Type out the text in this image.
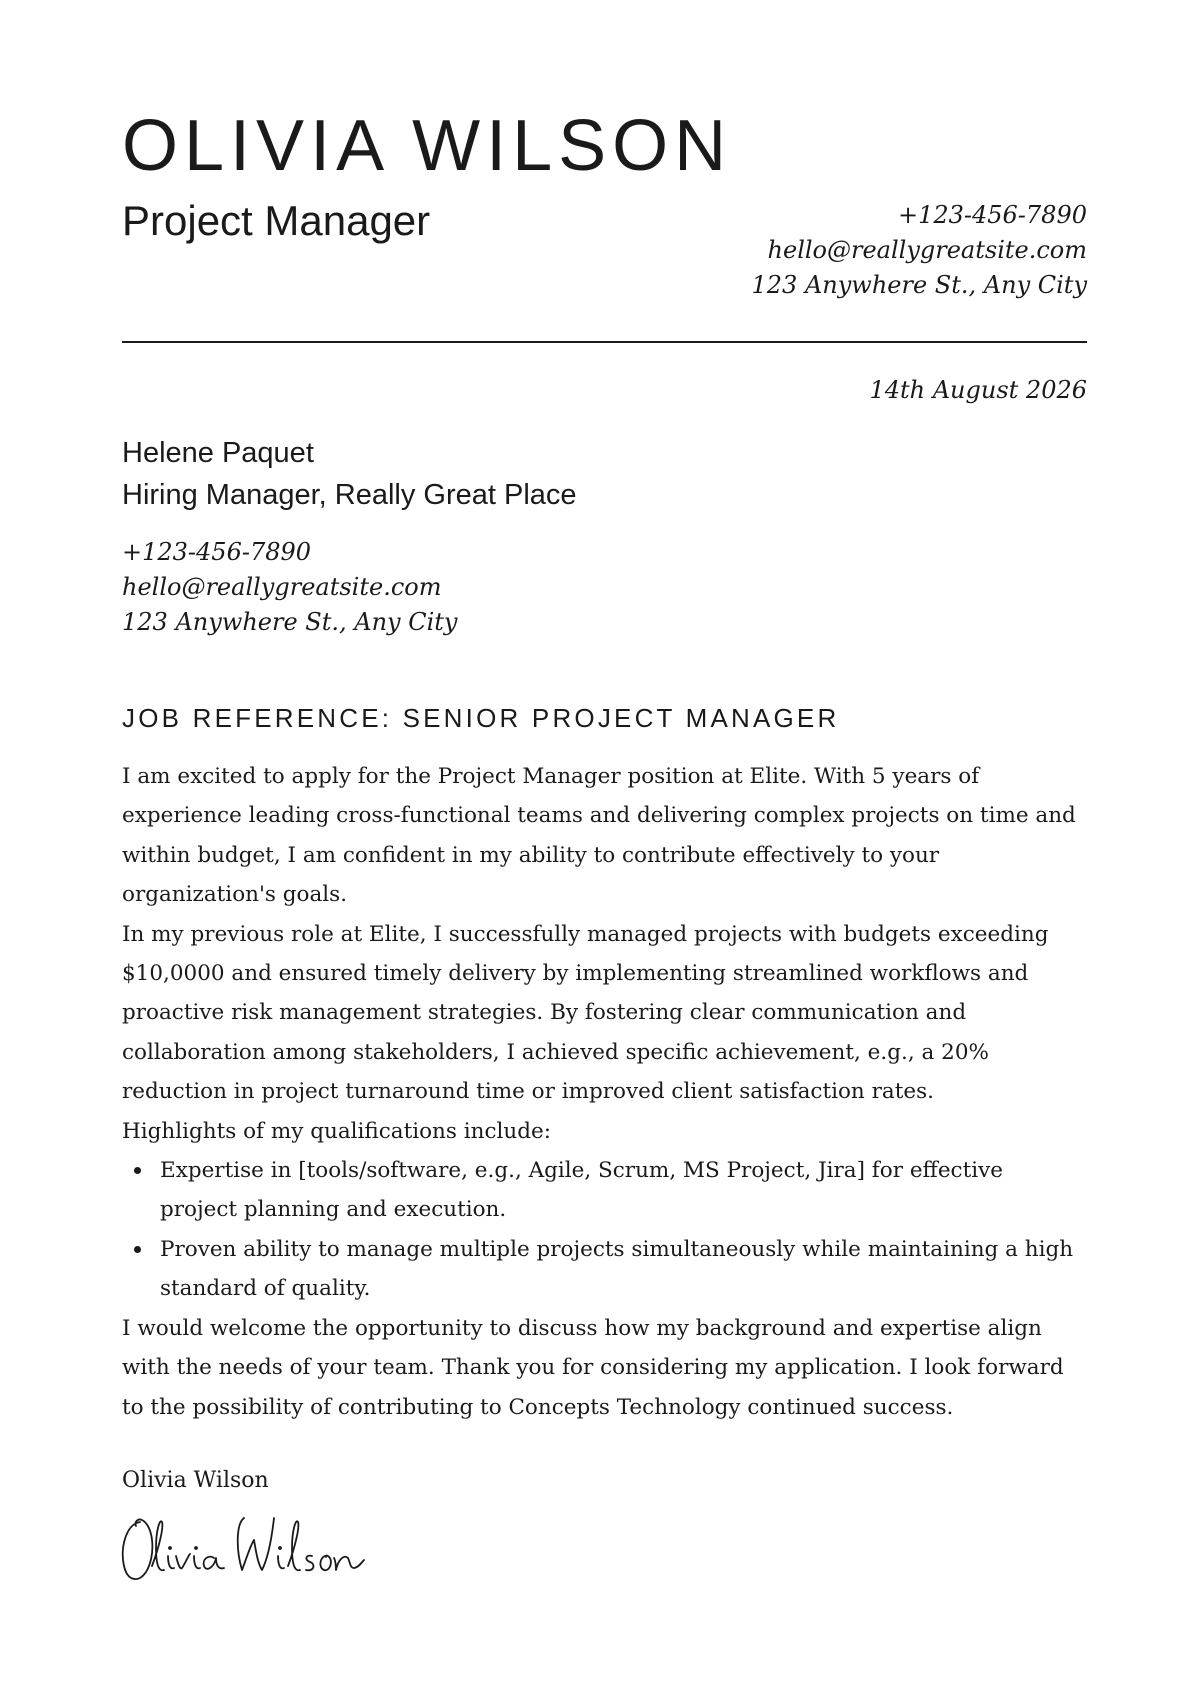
OLIVIA WILSON
Project Manager	+123-456-7890
hello@reallygreatsite.com
123 Anywhere St., Any City
14th August 2026
Helene Paquet
Hiring Manager, Really Great Place
+123-456-7890
hello@reallygreatsite.com
123 Anywhere St., Any City
JOB REFERENCE: SENIOR PROJECT MANAGER

I am excited to apply for the Project Manager position at Elite. With 5 years of

experience leading cross-functional teams and delivering complex projects on time and

within budget, I am confident in my ability to contribute effectively to your

organization's goals.

In my previous role at Elite, I successfully managed projects with budgets exceeding

$10,0000 and ensured timely delivery by implementing streamlined workflows and

proactive risk management strategies. By fostering clear communication and

collaboration among stakeholders, I achieved specific achievement, e.g., a 20%

reduction in project turnaround time or improved client satisfaction rates.

Highlights of my qualifications include:

Expertise in [tools/software, e.g., Agile, Scrum, MS Project, Jira] for effective
project planning and execution.
Proven ability to manage multiple projects simultaneously while maintaining a high
standard of quality.

I would welcome the opportunity to discuss how my background and expertise align

with the needs of your team. Thank you for considering my application. I look forward

to the possibility of contributing to Concepts Technology continued success.

Olivia Wilson
